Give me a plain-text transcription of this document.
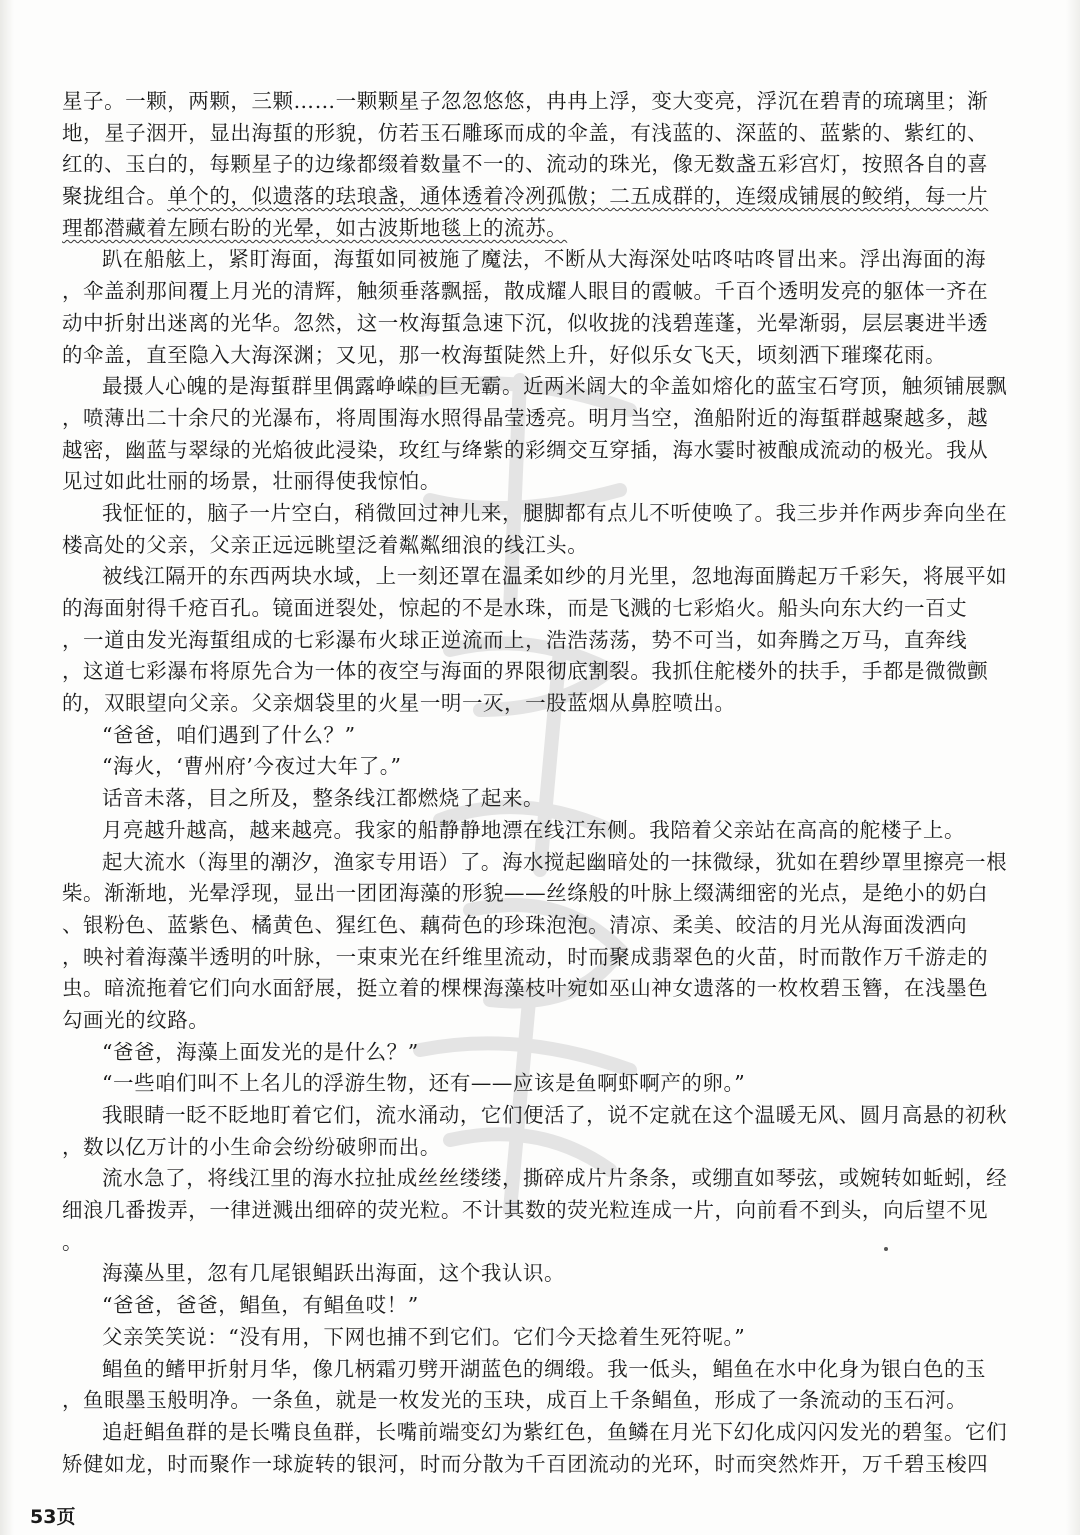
星子。一颗，两颗，三颗……一颗颗星子忽忽悠悠，冉冉上浮，变大变亮，浮沉在碧青的琉璃里；渐
地，星子洇开，显出海蜇的形貌，仿若玉石雕琢而成的伞盖，有浅蓝的、深蓝的、蓝紫的、紫红的、
红的、玉白的，每颗星子的边缘都缀着数量不一的、流动的珠光，像无数盏五彩宫灯，按照各自的喜
聚拢组合。单个的，似遗落的珐琅盏，通体透着冷冽孤傲；二五成群的，连缀成铺展的鲛绡，每一片
理都潜藏着左顾右盼的光晕，如古波斯地毯上的流苏。
趴在船舷上，紧盯海面，海蜇如同被施了魔法，不断从大海深处咕咚咕咚冒出来。浮出海面的海
，伞盖刹那间覆上月光的清辉，触须垂落飘摇，散成耀人眼目的霞帔。千百个透明发亮的躯体一齐在
动中折射出迷离的光华。忽然，这一枚海蜇急速下沉，似收拢的浅碧莲蓬，光晕渐弱，层层裹进半透
的伞盖，直至隐入大海深渊；又见，那一枚海蜇陡然上升，好似乐女飞天，顷刻洒下璀璨花雨。
最摄人心魄的是海蜇群里偶露峥嵘的巨无霸。近两米阔大的伞盖如熔化的蓝宝石穹顶，触须铺展飘
，喷薄出二十余尺的光瀑布，将周围海水照得晶莹透亮。明月当空，渔船附近的海蜇群越聚越多，越
越密，幽蓝与翠绿的光焰彼此浸染，玫红与绛紫的彩绸交互穿插，海水霎时被酿成流动的极光。我从
见过如此壮丽的场景，壮丽得使我惊怕。
我怔怔的，脑子一片空白，稍微回过神儿来，腿脚都有点儿不听使唤了。我三步并作两步奔向坐在
楼高处的父亲，父亲正远远眺望泛着粼粼细浪的线江头。
被线江隔开的东西两块水域，上一刻还罩在温柔如纱的月光里，忽地海面腾起万千彩矢，将展平如
的海面射得千疮百孔。镜面迸裂处，惊起的不是水珠，而是飞溅的七彩焰火。船头向东大约一百丈
，一道由发光海蜇组成的七彩瀑布火球正逆流而上，浩浩荡荡，势不可当，如奔腾之万马，直奔线
，这道七彩瀑布将原先合为一体的夜空与海面的界限彻底割裂。我抓住舵楼外的扶手，手都是微微颤
的，双眼望向父亲。父亲烟袋里的火星一明一灭，一股蓝烟从鼻腔喷出。
“爸爸，咱们遇到了什么？”
“海火，‘曹州府’今夜过大年了。”
话音未落，目之所及，整条线江都燃烧了起来。
月亮越升越高，越来越亮。我家的船静静地漂在线江东侧。我陪着父亲站在高高的舵楼子上。
起大流水（海里的潮汐，渔家专用语）了。海水搅起幽暗处的一抹微绿，犹如在碧纱罩里擦亮一根
柴。渐渐地，光晕浮现，显出一团团海藻的形貌——丝绦般的叶脉上缀满细密的光点，是绝小的奶白
、银粉色、蓝紫色、橘黄色、猩红色、藕荷色的珍珠泡泡。清凉、柔美、皎洁的月光从海面泼洒向
，映衬着海藻半透明的叶脉，一束束光在纤维里流动，时而聚成翡翠色的火苗，时而散作万千游走的
虫。暗流拖着它们向水面舒展，挺立着的棵棵海藻枝叶宛如巫山神女遗落的一枚枚碧玉簪，在浅墨色
勾画光的纹路。
“爸爸，海藻上面发光的是什么？”
“一些咱们叫不上名儿的浮游生物，还有——应该是鱼啊虾啊产的卵。”
我眼睛一眨不眨地盯着它们，流水涌动，它们便活了，说不定就在这个温暖无风、圆月高悬的初秋
，数以亿万计的小生命会纷纷破卵而出。
流水急了，将线江里的海水拉扯成丝丝缕缕，撕碎成片片条条，或绷直如琴弦，或婉转如蚯蚓，经
细浪几番拨弄，一律迸溅出细碎的荧光粒。不计其数的荧光粒连成一片，向前看不到头，向后望不见
。
海藻丛里，忽有几尾银鲳跃出海面，这个我认识。
“爸爸，爸爸，鲳鱼，有鲳鱼哎！”
父亲笑笑说：“没有用，下网也捕不到它们。它们今天捻着生死符呢。”
鲳鱼的鳍甲折射月华，像几柄霜刃劈开湖蓝色的绸缎。我一低头，鲳鱼在水中化身为银白色的玉
，鱼眼墨玉般明净。一条鱼，就是一枚发光的玉玦，成百上千条鲳鱼，形成了一条流动的玉石河。
追赶鲳鱼群的是长嘴良鱼群，长嘴前端变幻为紫红色，鱼鳞在月光下幻化成闪闪发光的碧玺。它们
矫健如龙，时而聚作一球旋转的银河，时而分散为千百团流动的光环，时而突然炸开，万千碧玉梭四
53页
